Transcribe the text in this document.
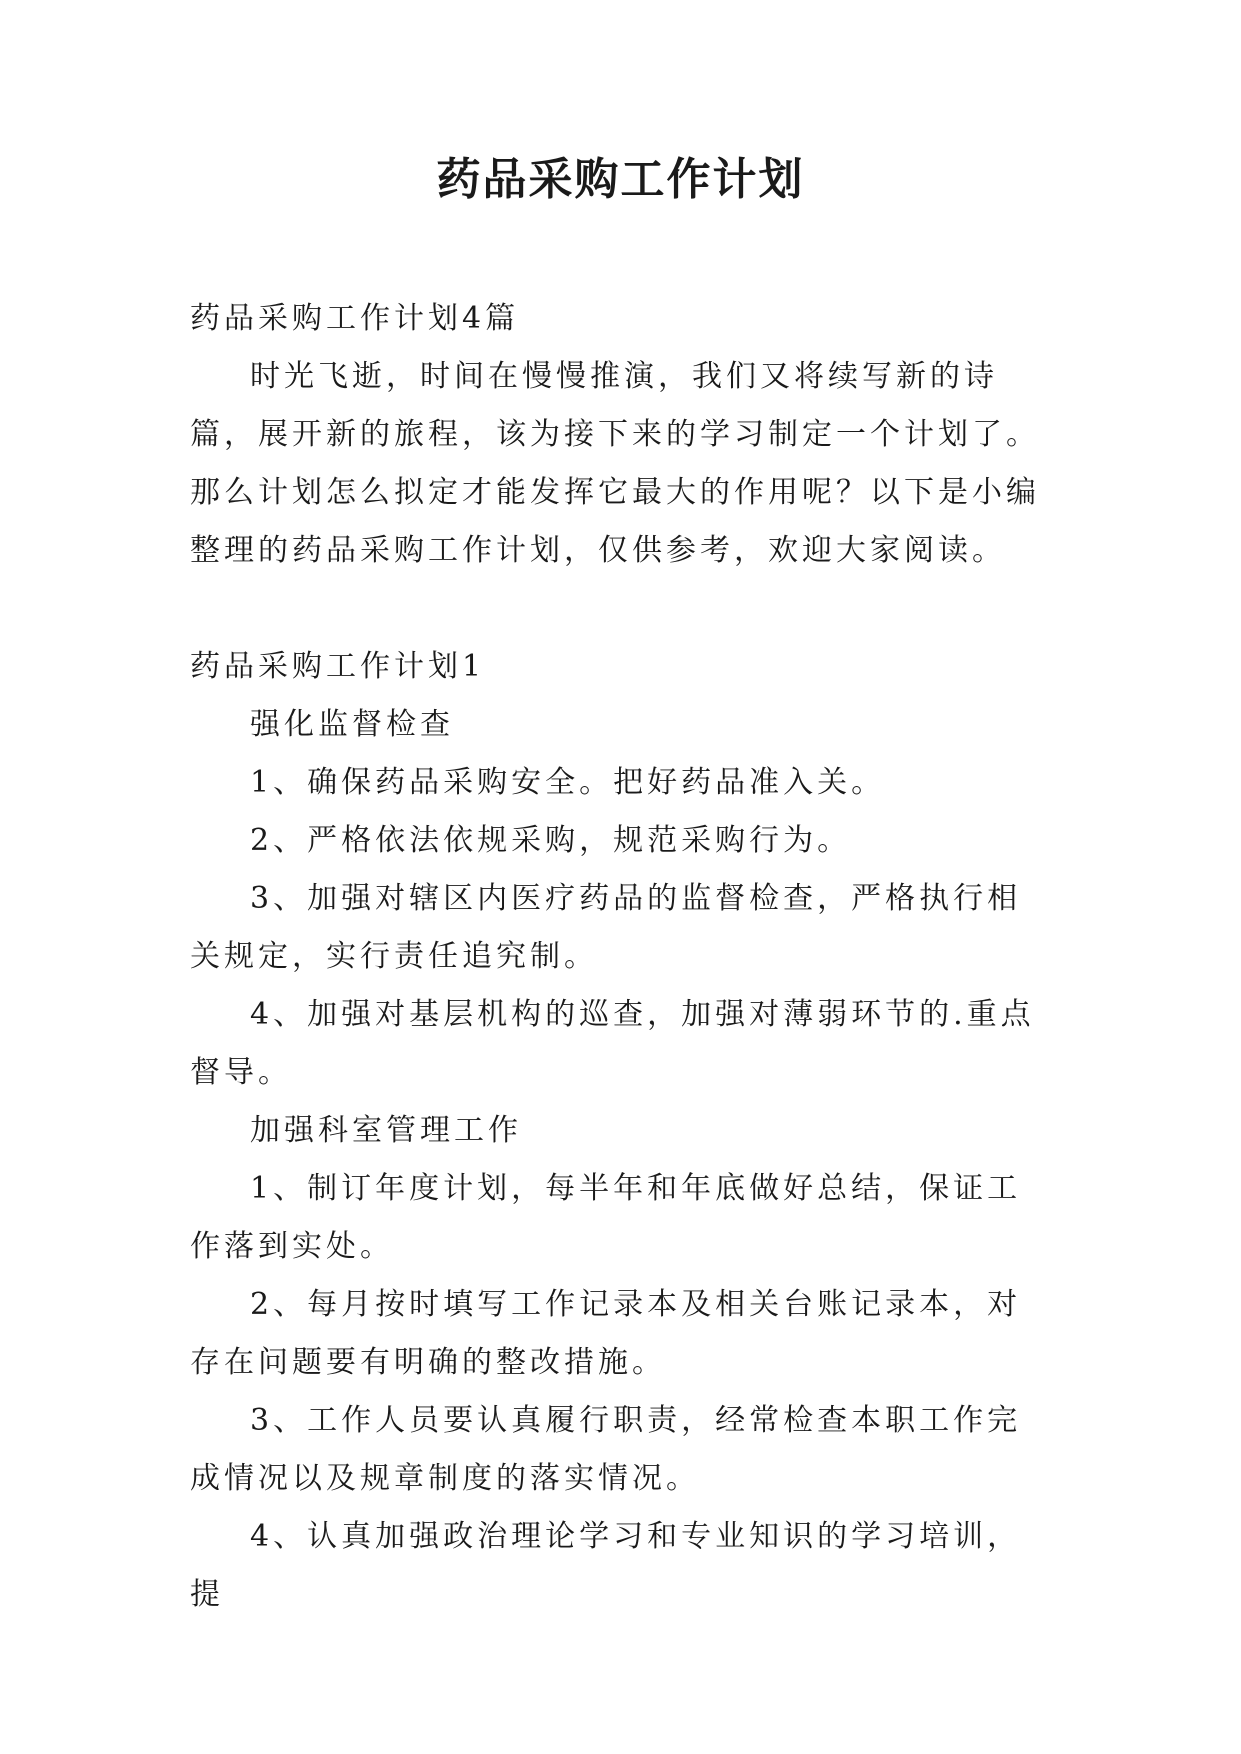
药品采购工作计划

药品采购工作计划4篇

时光飞逝，时间在慢慢推演，我们又将续写新的诗篇，展开新的旅程，该为接下来的学习制定一个计划了。那么计划怎么拟定才能发挥它最大的作用呢？以下是小编整理的药品采购工作计划，仅供参考，欢迎大家阅读。

药品采购工作计划1

强化监督检查

1、确保药品采购安全。把好药品准入关。

2、严格依法依规采购，规范采购行为。

3、加强对辖区内医疗药品的监督检查，严格执行相关规定，实行责任追究制。

4、加强对基层机构的巡查，加强对薄弱环节的.重点督导。

加强科室管理工作

1、制订年度计划，每半年和年底做好总结，保证工作落到实处。

2、每月按时填写工作记录本及相关台账记录本，对存在问题要有明确的整改措施。

3、工作人员要认真履行职责，经常检查本职工作完成情况以及规章制度的落实情况。

4、认真加强政治理论学习和专业知识的学习培训，提
